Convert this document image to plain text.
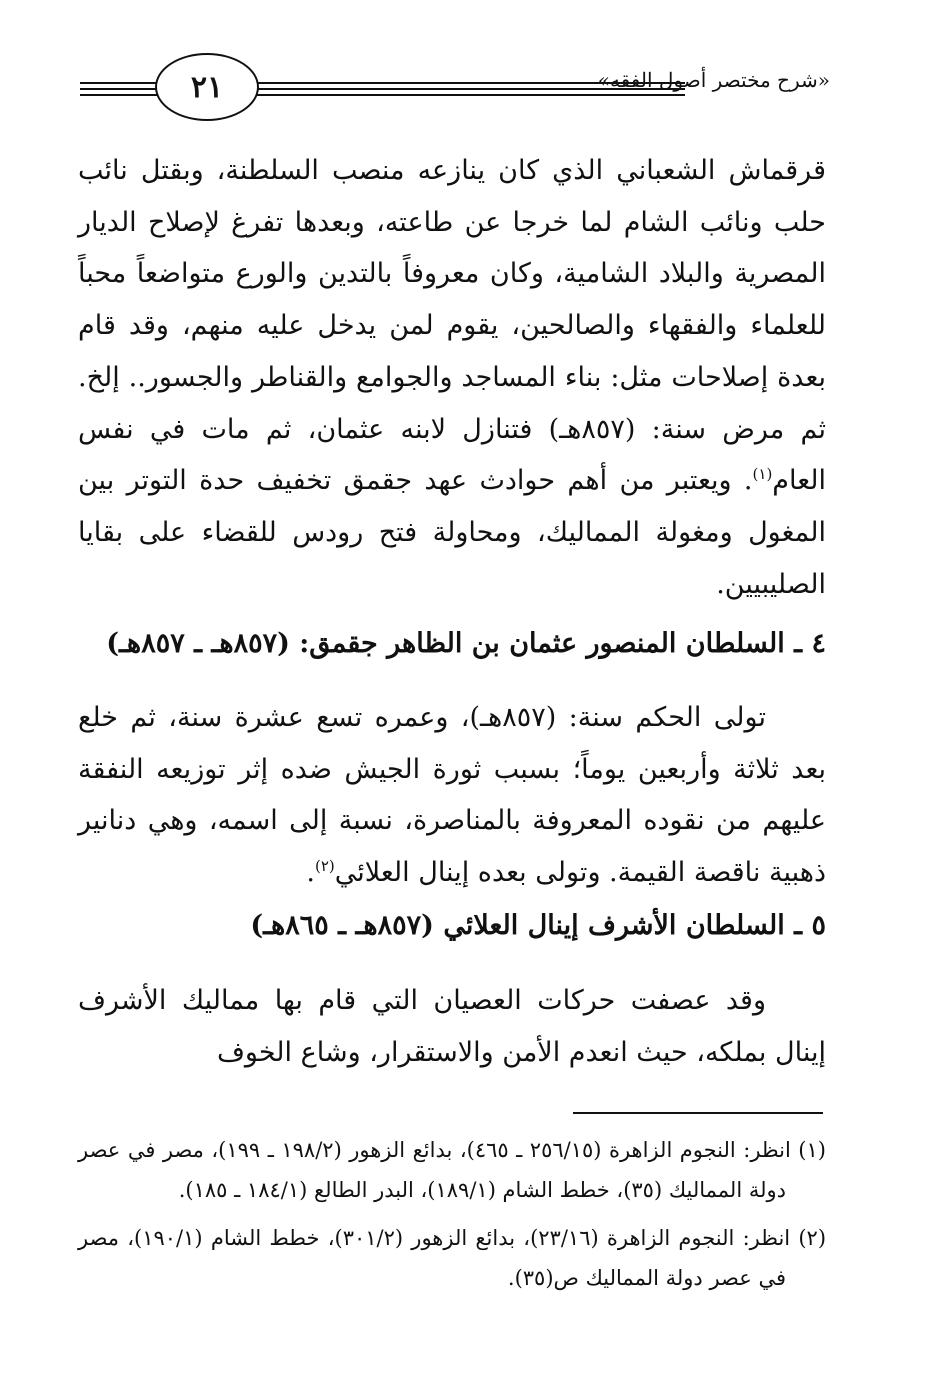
«شرح مختصر أصول الفقه»
٢١

قرقماش الشعباني الذي كان ينازعه منصب السلطنة، وبقتل نائب حلب ونائب الشام لما خرجا عن طاعته، وبعدها تفرغ لإصلاح الديار المصرية والبلاد الشامية، وكان معروفاً بالتدين والورع متواضعاً محباً للعلماء والفقهاء والصالحين، يقوم لمن يدخل عليه منهم، وقد قام بعدة إصلاحات مثل: بناء المساجد والجوامع والقناطر والجسور.. إلخ. ثم مرض سنة: (٨٥٧هـ) فتنازل لابنه عثمان، ثم مات في نفس العام$^{(١)}$. ويعتبر من أهم حوادث عهد جقمق تخفيف حدة التوتر بين المغول ومغولة المماليك، ومحاولة فتح رودس للقضاء على بقايا الصليبيين.

٤ ـ السلطان المنصور عثمان بن الظاهر جقمق: (٨٥٧هـ ـ ٨٥٧هـ)

تولى الحكم سنة: (٨٥٧هـ)، وعمره تسع عشرة سنة، ثم خلع بعد ثلاثة وأربعين يوماً؛ بسبب ثورة الجيش ضده إثر توزيعه النفقة عليهم من نقوده المعروفة بالمناصرة، نسبة إلى اسمه، وهي دنانير ذهبية ناقصة القيمة. وتولى بعده إينال العلائي$^{(٢)}$.

٥ ـ السلطان الأشرف إينال العلائي (٨٥٧هـ ـ ٨٦٥هـ)

وقد عصفت حركات العصيان التي قام بها مماليك الأشرف إينال بملكه، حيث انعدم الأمن والاستقرار، وشاع الخوف

(١) انظر: النجوم الزاهرة (٢٥٦/١٥ ـ ٤٦٥)، بدائع الزهور (١٩٨/٢ ـ ١٩٩)، مصر في عصر دولة المماليك (٣٥)، خطط الشام (١٨٩/١)، البدر الطالع (١٨٤/١ ـ ١٨٥).

(٢) انظر: النجوم الزاهرة (٢٣/١٦)، بدائع الزهور (٣٠١/٢)، خطط الشام (١٩٠/١)، مصر في عصر دولة المماليك ص(٣٥).
